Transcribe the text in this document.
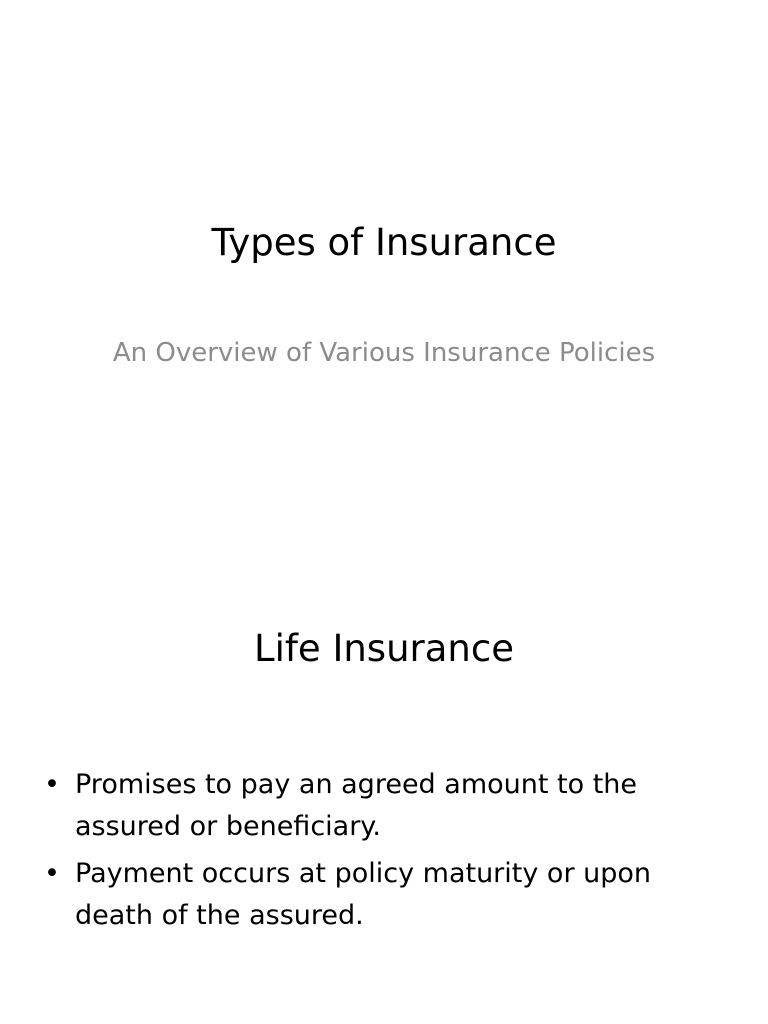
Types of Insurance

An Overview of Various Insurance Policies

Life Insurance
• Promises to pay an agreed amount to the assured or beneficiary.
• Payment occurs at policy maturity or upon death of the assured.
